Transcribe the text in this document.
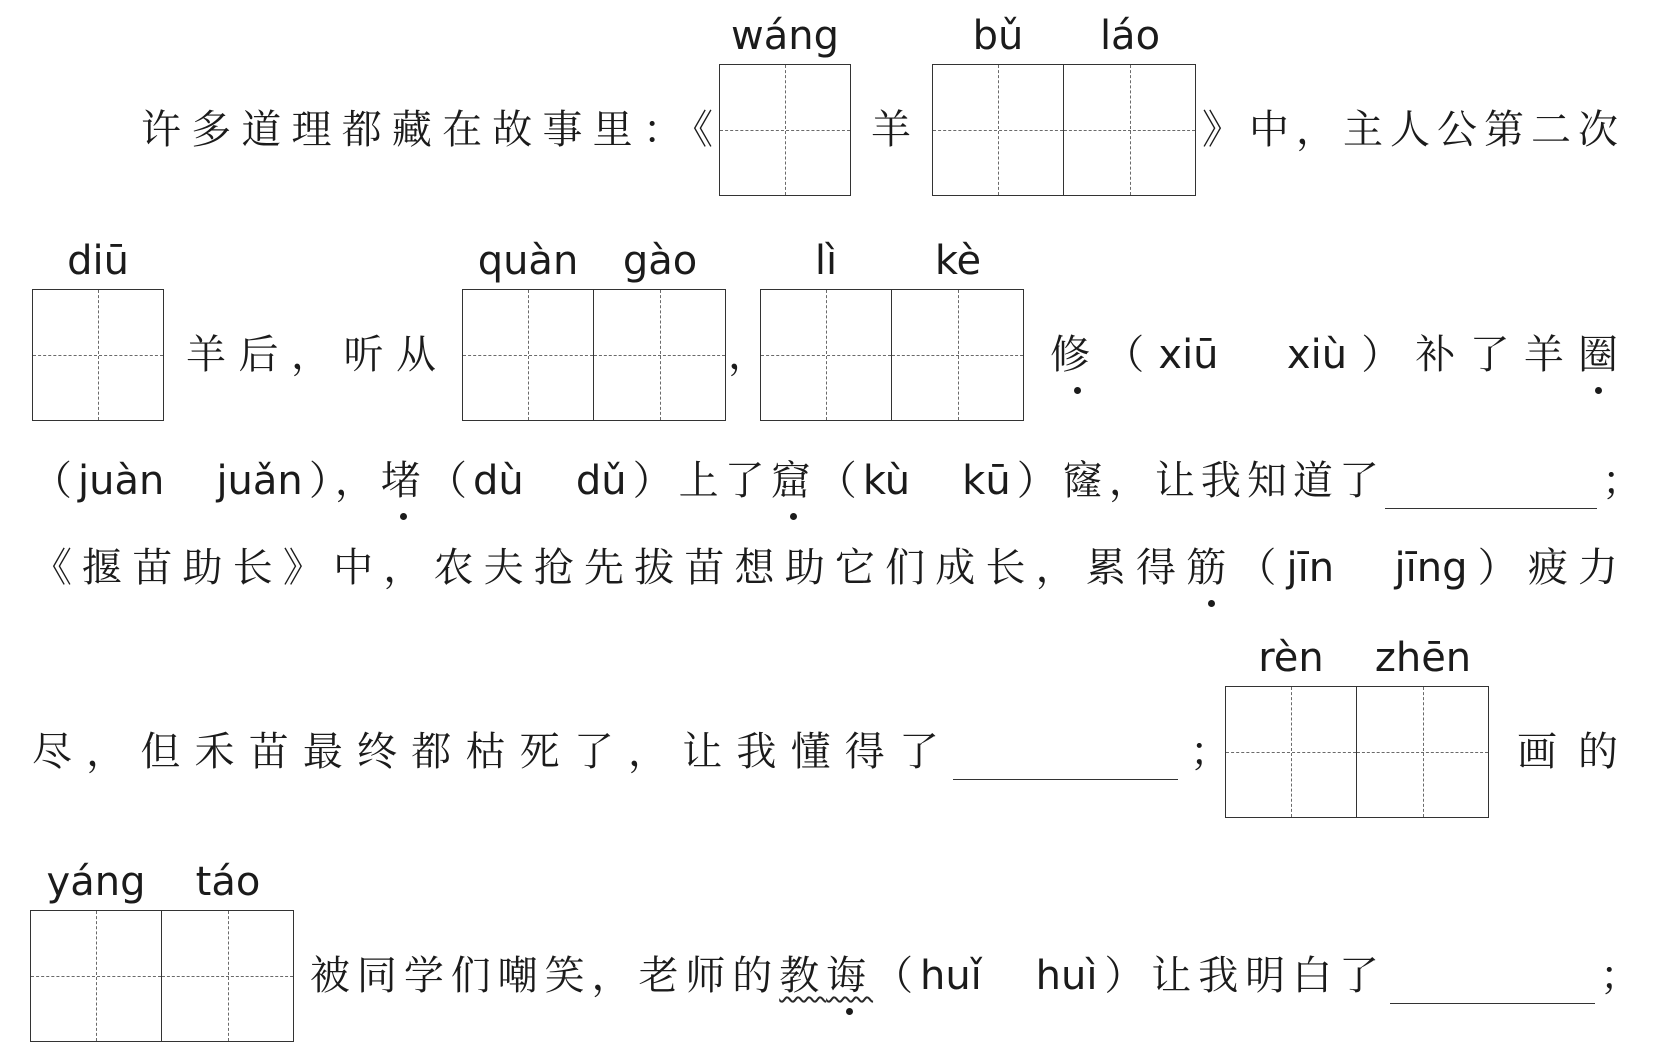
许多道理都藏在故事里：《
wáng
羊
bǔ	láo
》中，主人公第二次
diū
羊后，听从
quàn	gào
，
lì	kè
修（xiū　xiù）补了羊圈
（juàn　juǎn），堵（dù　dǔ）上了窟（kù　kū）窿，让我知道了	；
《揠苗助长》中，农夫抢先拔苗想助它们成长，累得筋（jīn　jīng）疲力
尽，但禾苗最终都枯死了，让我懂得了	；
rèn	zhēn
画的
yáng	táo
被同学们嘲笑，老师的教诲（huǐ　huì）让我明白了	；
